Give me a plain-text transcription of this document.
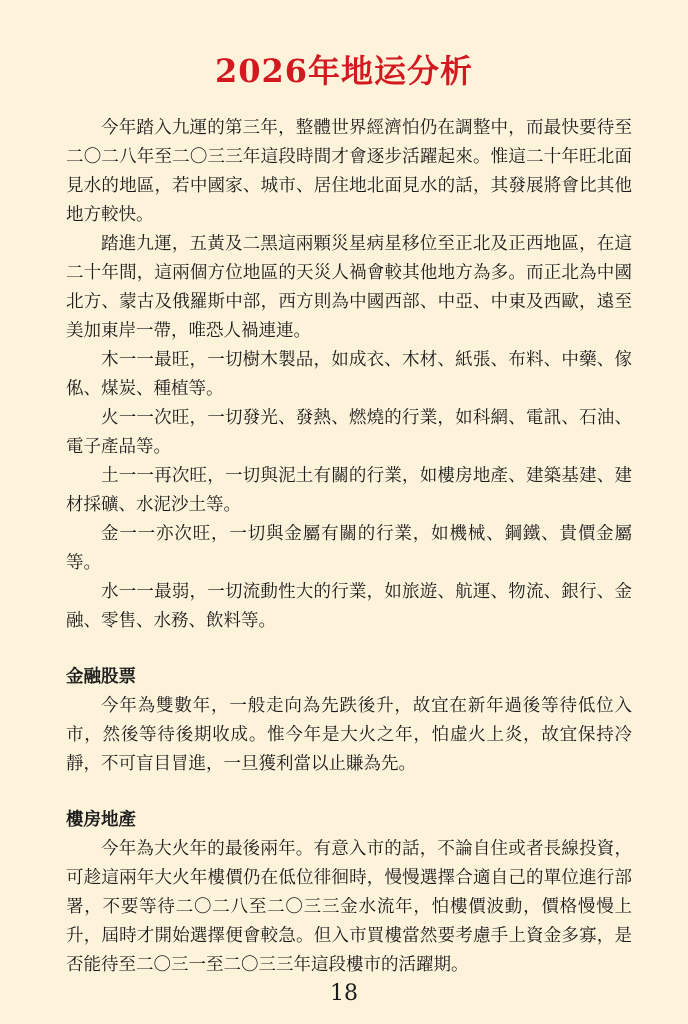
2026年地运分析

今年踏入九運的第三年，整體世界經濟怕仍在調整中，而最快要待至二〇二八年至二〇三三年這段時間才會逐步活躍起來。惟這二十年旺北面見水的地區，若中國家、城市、居住地北面見水的話，其發展將會比其他地方較快。

踏進九運，五黃及二黑這兩顆災星病星移位至正北及正西地區，在這二十年間，這兩個方位地區的天災人禍會較其他地方為多。而正北為中國北方、蒙古及俄羅斯中部，西方則為中國西部、中亞、中東及西歐，遠至美加東岸一帶，唯恐人禍連連。

木一一最旺，一切樹木製品，如成衣、木材、紙張、布料、中藥、傢俬、煤炭、種植等。

火一一次旺，一切發光、發熱、燃燒的行業，如科網、電訊、石油、電子產品等。

土一一再次旺，一切與泥土有關的行業，如樓房地產、建築基建、建材採礦、水泥沙土等。

金一一亦次旺，一切與金屬有關的行業，如機械、鋼鐵、貴價金屬等。

水一一最弱，一切流動性大的行業，如旅遊、航運、物流、銀行、金融、零售、水務、飲料等。

金融股票

今年為雙數年，一般走向為先跌後升，故宜在新年過後等待低位入市，然後等待後期收成。惟今年是大火之年，怕虛火上炎，故宜保持冷靜，不可盲目冒進，一旦獲利當以止賺為先。

樓房地產

今年為大火年的最後兩年。有意入市的話，不論自住或者長線投資，可趁這兩年大火年樓價仍在低位徘徊時，慢慢選擇合適自己的單位進行部署，不要等待二〇二八至二〇三三金水流年，怕樓價波動，價格慢慢上升，屆時才開始選擇便會較急。但入市買樓當然要考慮手上資金多寡，是否能待至二〇三一至二〇三三年這段樓市的活躍期。

18
